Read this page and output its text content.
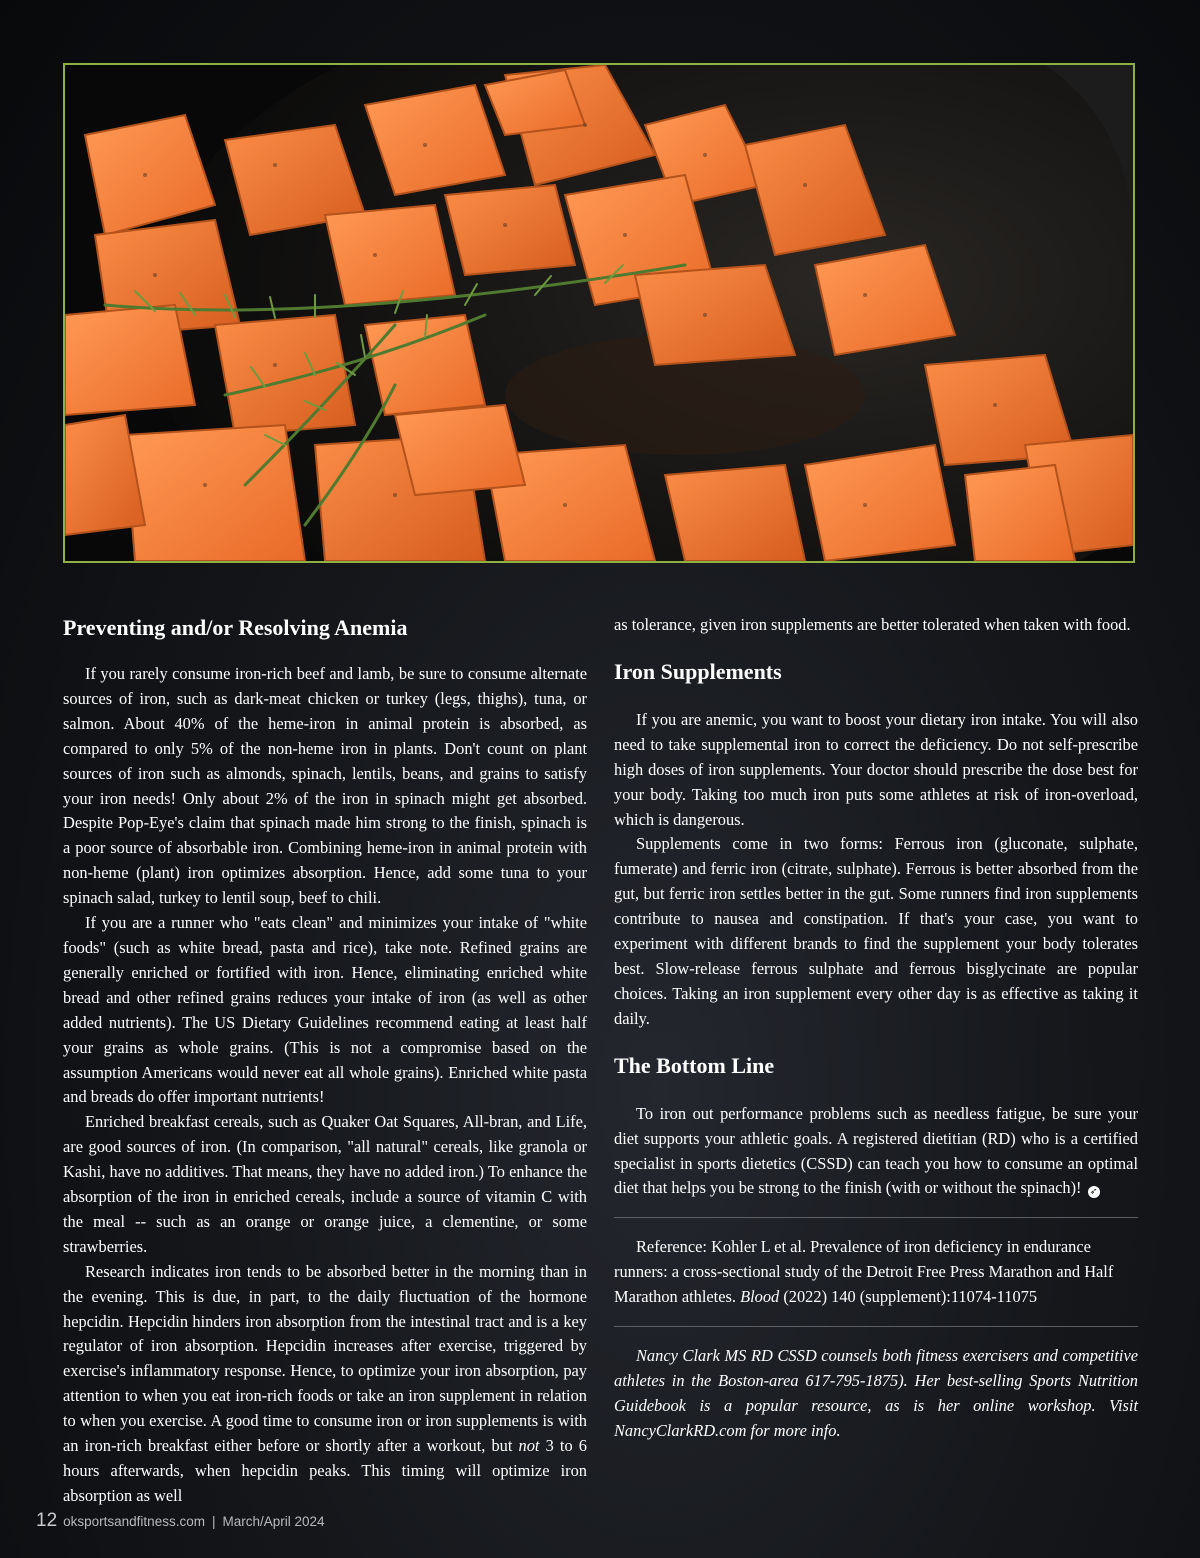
Preventing and/or Resolving Anemia

If you rarely consume iron-rich beef and lamb, be sure to consume alternate sources of iron, such as dark-meat chicken or turkey (legs, thighs), tuna, or salmon. About 40% of the heme-iron in animal protein is absorbed, as compared to only 5% of the non-heme iron in plants. Don't count on plant sources of iron such as almonds, spinach, lentils, beans, and grains to satisfy your iron needs! Only about 2% of the iron in spinach might get absorbed. Despite Pop-Eye's claim that spinach made him strong to the finish, spinach is a poor source of absorbable iron. Combining heme-iron in animal protein with non-heme (plant) iron optimizes absorption. Hence, add some tuna to your spinach salad, turkey to lentil soup, beef to chili.

If you are a runner who "eats clean" and minimizes your intake of "white foods" (such as white bread, pasta and rice), take note. Refined grains are generally enriched or fortified with iron. Hence, eliminating enriched white bread and other refined grains reduces your intake of iron (as well as other added nutrients). The US Dietary Guidelines recommend eating at least half your grains as whole grains. (This is not a compromise based on the assumption Americans would never eat all whole grains). Enriched white pasta and breads do offer important nutrients!

Enriched breakfast cereals, such as Quaker Oat Squares, All-bran, and Life, are good sources of iron. (In comparison, "all natural" cereals, like granola or Kashi, have no additives. That means, they have no added iron.) To enhance the absorption of the iron in enriched cereals, include a source of vitamin C with the meal -- such as an orange or orange juice, a clementine, or some strawberries.

Research indicates iron tends to be absorbed better in the morning than in the evening. This is due, in part, to the daily fluctuation of the hormone hepcidin. Hepcidin hinders iron absorption from the intestinal tract and is a key regulator of iron absorption. Hepcidin increases after exercise, triggered by exercise's inflammatory response. Hence, to optimize your iron absorption, pay attention to when you eat iron-rich foods or take an iron supplement in relation to when you exercise. A good time to consume iron or iron supplements is with an iron-rich breakfast either before or shortly after a workout, but not 3 to 6 hours afterwards, when hepcidin peaks. This timing will optimize iron absorption as well

as tolerance, given iron supplements are better tolerated when taken with food.

Iron Supplements

If you are anemic, you want to boost your dietary iron intake. You will also need to take supplemental iron to correct the deficiency. Do not self-prescribe high doses of iron supplements. Your doctor should prescribe the dose best for your body. Taking too much iron puts some athletes at risk of iron-overload, which is dangerous.

Supplements come in two forms: Ferrous iron (gluconate, sulphate, fumerate) and ferric iron (citrate, sulphate). Ferrous is better absorbed from the gut, but ferric iron settles better in the gut. Some runners find iron supplements contribute to nausea and constipation. If that's your case, you want to experiment with different brands to find the supplement your body tolerates best. Slow-release ferrous sulphate and ferrous bisglycinate are popular choices. Taking an iron supplement every other day is as effective as taking it daily.

The Bottom Line

To iron out performance problems such as needless fatigue, be sure your diet supports your athletic goals. A registered dietitian (RD) who is a certified specialist in sports dietetics (CSSD) can teach you how to consume an optimal diet that helps you be strong to the finish (with or without the spinach)! ➶

Reference: Kohler L et al. Prevalence of iron deficiency in endurance runners: a cross-sectional study of the Detroit Free Press Marathon and Half Marathon athletes. Blood (2022) 140 (supplement):11074-11075

Nancy Clark MS RD CSSD counsels both fitness exercisers and competitive athletes in the Boston-area 617-795-1875). Her best-selling Sports Nutrition Guidebook is a popular resource, as is her online workshop. Visit NancyClarkRD.com for more info.

12 oksportsandfitness.com | March/April 2024
